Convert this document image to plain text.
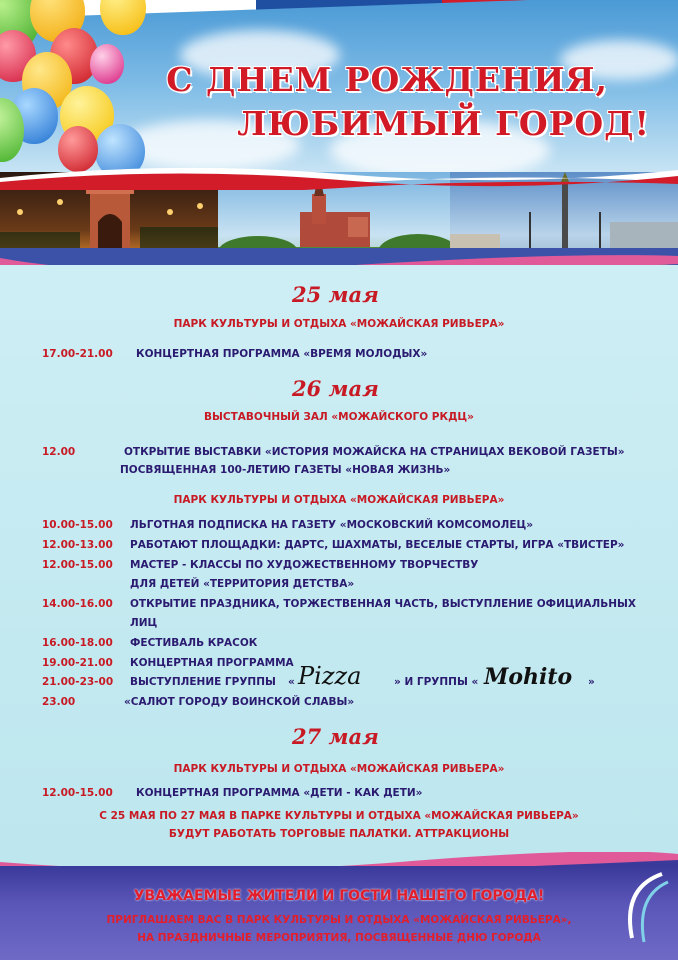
С ДНЕМ РОЖДЕНИЯ,
ЛЮБИМЫЙ ГОРОД!
25 мая
ПАРК КУЛЬТУРЫ И ОТДЫХА «МОЖАЙСКАЯ РИВЬЕРА»
17.00-21.00 КОНЦЕРТНАЯ ПРОГРАММА «ВРЕМЯ МОЛОДЫХ»
26 мая
ВЫСТАВОЧНЫЙ ЗАЛ «МОЖАЙСКОГО РКДЦ»
12.00	ОТКРЫТИЕ ВЫСТАВКИ «ИСТОРИЯ МОЖАЙСКА НА СТРАНИЦАХ ВЕКОВОЙ ГАЗЕТЫ»
ПОСВЯЩЕННАЯ 100-ЛЕТИЮ ГАЗЕТЫ «НОВАЯ ЖИЗНЬ»
ПАРК КУЛЬТУРЫ И ОТДЫХА «МОЖАЙСКАЯ РИВЬЕРА»
10.00-15.00 ЛЬГОТНАЯ ПОДПИСКА НА ГАЗЕТУ «МОСКОВСКИЙ КОМСОМОЛЕЦ»
12.00-13.00 РАБОТАЮТ ПЛОЩАДКИ: ДАРТС, ШАХМАТЫ, ВЕСЕЛЫЕ СТАРТЫ, ИГРА «ТВИСТЕР»
12.00-15.00 МАСТЕР - КЛАССЫ ПО ХУДОЖЕСТВЕННОМУ ТВОРЧЕСТВУ
ДЛЯ ДЕТЕЙ «ТЕРРИТОРИЯ ДЕТСТВА»
14.00-16.00 ОТКРЫТИЕ ПРАЗДНИКА, ТОРЖЕСТВЕННАЯ ЧАСТЬ, ВЫСТУПЛЕНИЕ ОФИЦИАЛЬНЫХ
ЛИЦ
16.00-18.00 ФЕСТИВАЛЬ КРАСОК
19.00-21.00 КОНЦЕРТНАЯ ПРОГРАММА
21.00-23-00 ВЫСТУПЛЕНИЕ ГРУППЫ « Pizza	» И ГРУППЫ « Mohito »
23.00	«САЛЮТ ГОРОДУ ВОИНСКОЙ СЛАВЫ»
27 мая
ПАРК КУЛЬТУРЫ И ОТДЫХА «МОЖАЙСКАЯ РИВЬЕРА»
12.00-15.00 КОНЦЕРТНАЯ ПРОГРАММА «ДЕТИ - КАК ДЕТИ»
С 25 МАЯ ПО 27 МАЯ В ПАРКЕ КУЛЬТУРЫ И ОТДЫХА «МОЖАЙСКАЯ РИВЬЕРА»
БУДУТ РАБОТАТЬ ТОРГОВЫЕ ПАЛАТКИ. АТТРАКЦИОНЫ
УВАЖАЕМЫЕ ЖИТЕЛИ И ГОСТИ НАШЕГО ГОРОДА!
ПРИГЛАШАЕМ ВАС В ПАРК КУЛЬТУРЫ И ОТДЫХА «МОЖАЙСКАЯ РИВЬЕРА»,
НА ПРАЗДНИЧНЫЕ МЕРОПРИЯТИЯ, ПОСВЯЩЕННЫЕ ДНЮ ГОРОДА
